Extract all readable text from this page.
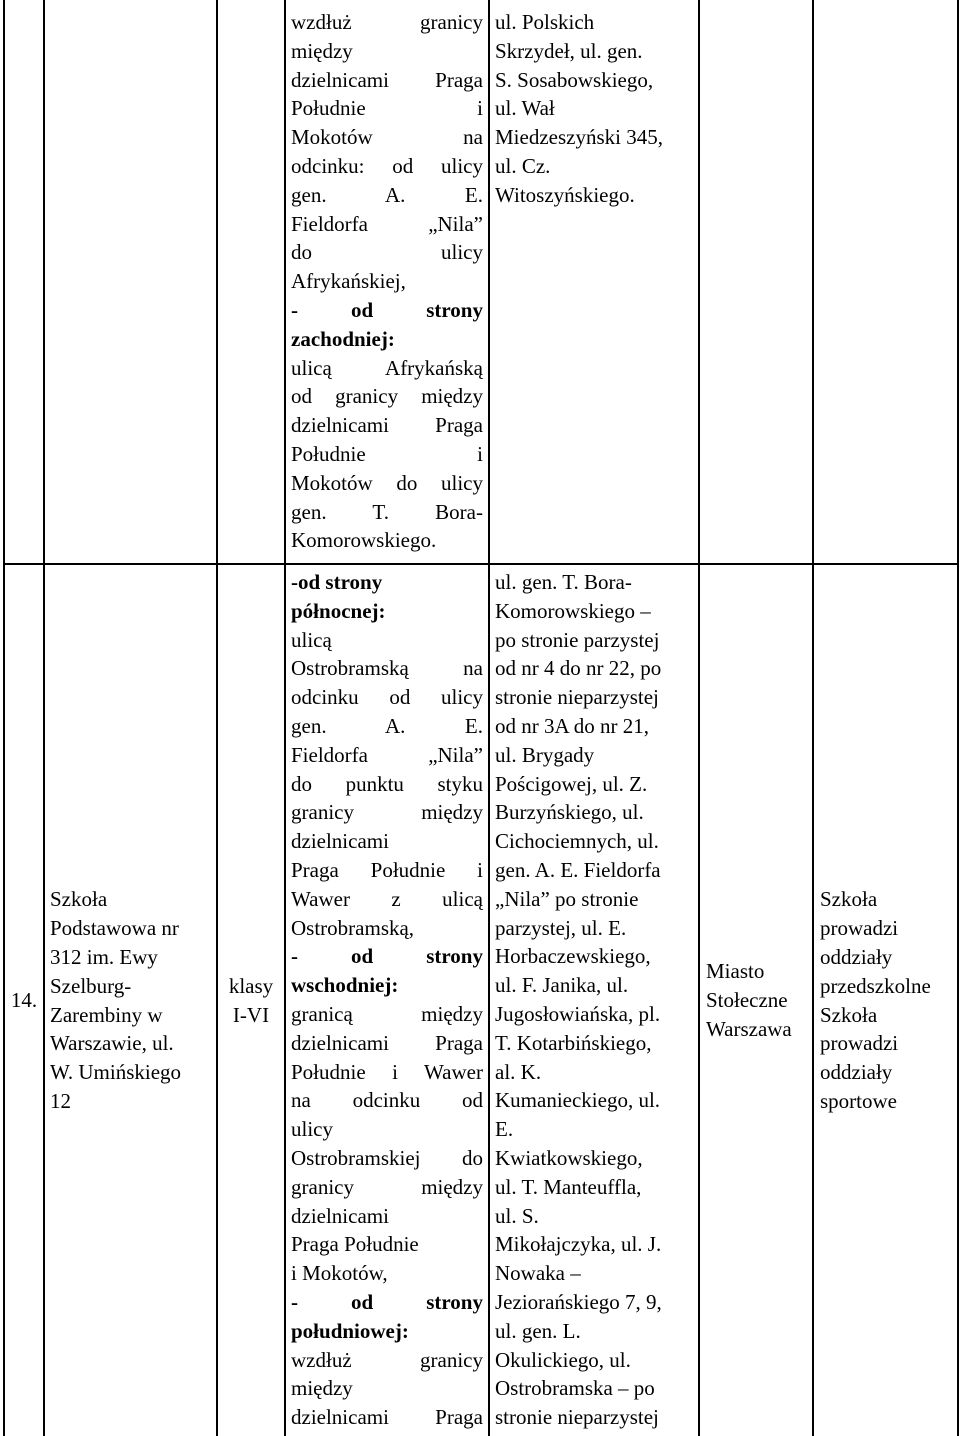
wzdłuż granicy
między
dzielnicami Praga
Południe i
Mokotów na
odcinku: od ulicy
gen. A. E.
Fieldorfa „Nila”
do ulicy
Afrykańskiej,
- od strony
zachodniej:
ulicą Afrykańską
od granicy między
dzielnicami Praga
Południe i
Mokotów do ulicy
gen. T. Bora-
Komorowskiego.
ul. Polskich
Skrzydeł, ul. gen.
S. Sosabowskiego,
ul. Wał
Miedzeszyński 345,
ul. Cz.
Witoszyńskiego.
14.
Szkoła
Podstawowa nr
312 im. Ewy
Szelburg-
Zarembiny w
Warszawie, ul.
W. Umińskiego
12
klasy
I-VI
-od strony
północnej:
ulicą
Ostrobramską na
odcinku od ulicy
gen. A. E.
Fieldorfa „Nila”
do punktu styku
granicy między
dzielnicami
Praga Południe i
Wawer z ulicą
Ostrobramską,
- od strony
wschodniej:
granicą między
dzielnicami Praga
Południe i Wawer
na odcinku od
ulicy
Ostrobramskiej do
granicy między
dzielnicami
Praga Południe
i Mokotów,
- od strony
południowej:
wzdłuż granicy
między
dzielnicami Praga
ul. gen. T. Bora-
Komorowskiego –
po stronie parzystej
od nr 4 do nr 22, po
stronie nieparzystej
od nr 3A do nr 21,
ul. Brygady
Pościgowej, ul. Z.
Burzyńskiego, ul.
Cichociemnych, ul.
gen. A. E. Fieldorfa
„Nila” po stronie
parzystej, ul. E.
Horbaczewskiego,
ul. F. Janika, ul.
Jugosłowiańska, pl.
T. Kotarbińskiego,
al. K.
Kumanieckiego, ul.
E.
Kwiatkowskiego,
ul. T. Manteuffla,
ul. S.
Mikołajczyka, ul. J.
Nowaka –
Jeziorańskiego 7, 9,
ul. gen. L.
Okulickiego, ul.
Ostrobramska – po
stronie nieparzystej
Miasto
Stołeczne
Warszawa
Szkoła
prowadzi
oddziały
przedszkolne
Szkoła
prowadzi
oddziały
sportowe
